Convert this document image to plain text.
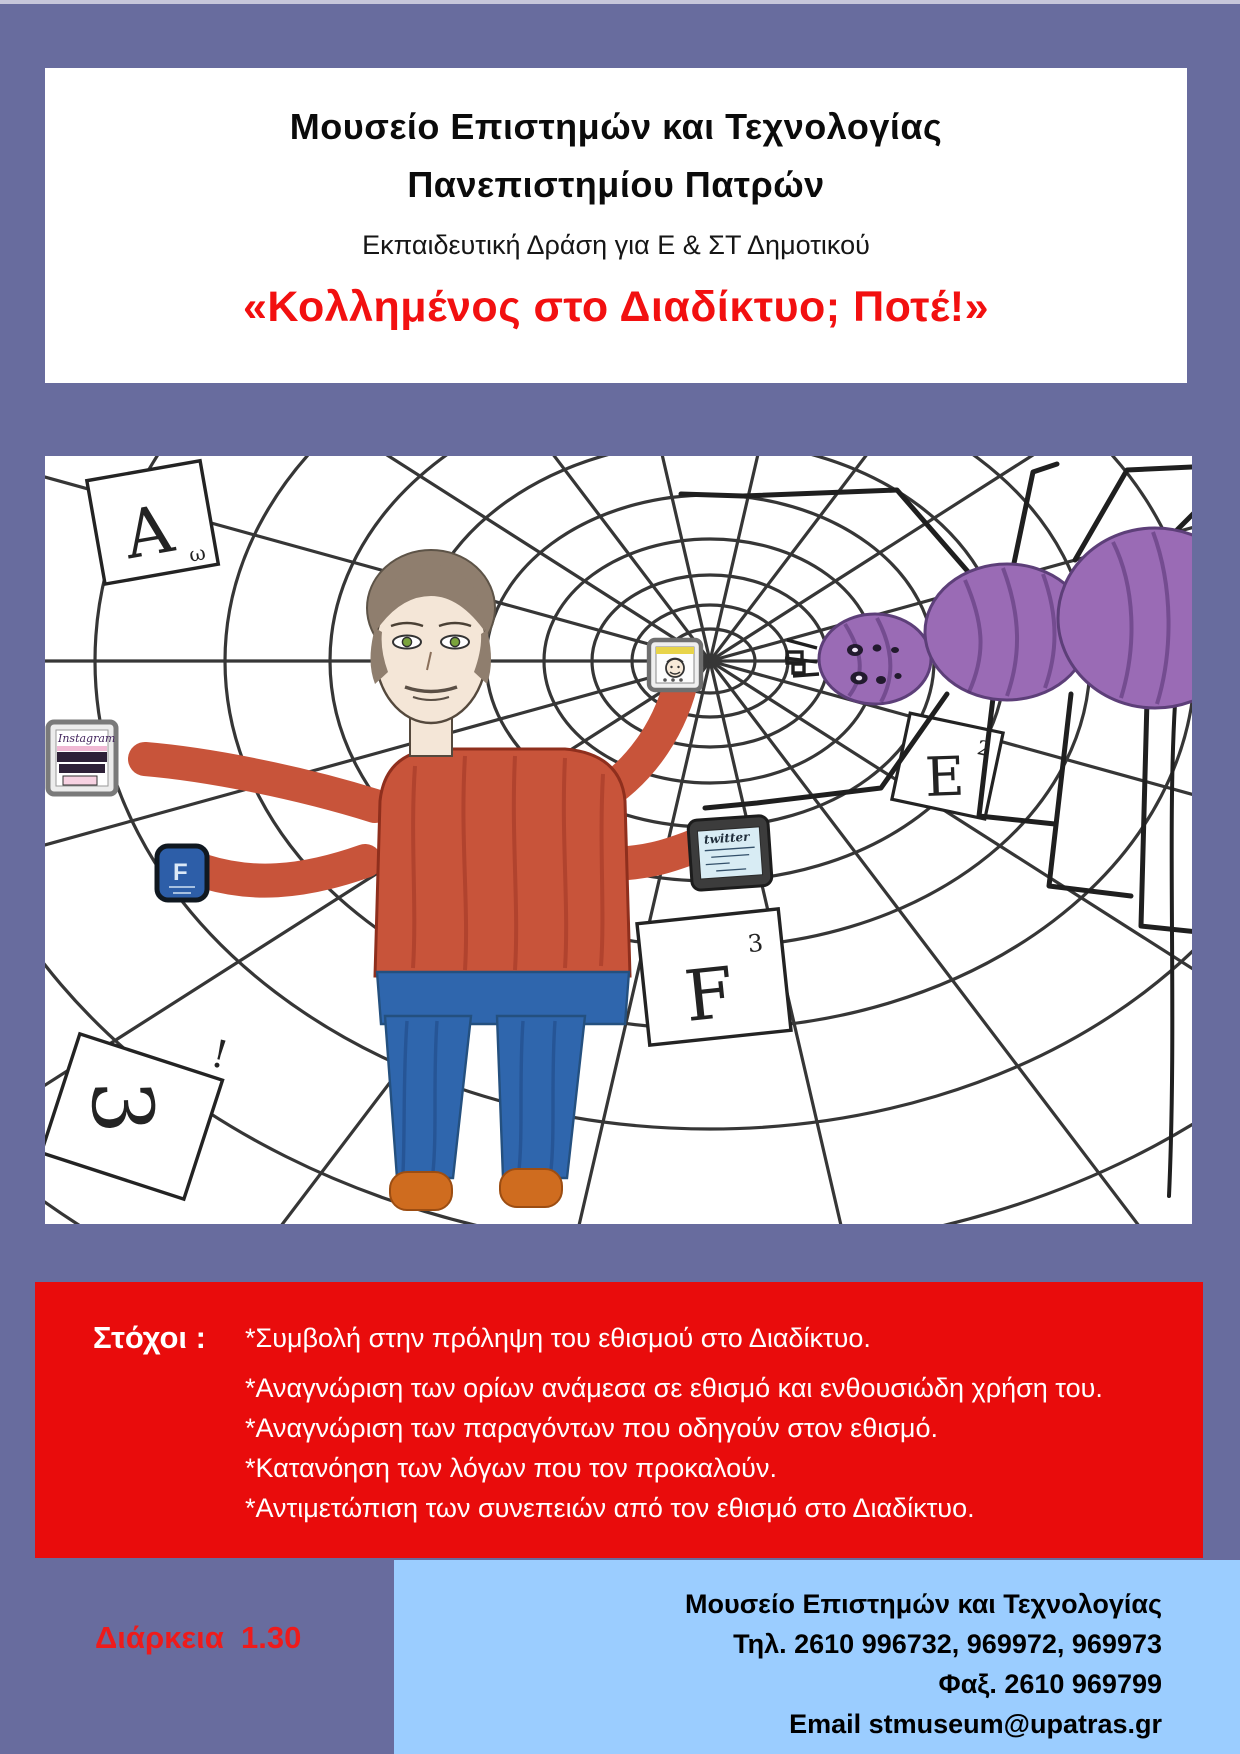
Μουσείο Επιστημών και Τεχνολογίας
Πανεπιστημίου Πατρών
Εκπαιδευτική Δράση για Ε & ΣΤ Δημοτικού
«Κολλημένος στο Διαδίκτυο; Ποτέ!»
A ω
E 2
F
3
3
!
Instagram
F
twitter
Στόχοι :	*Συμβολή στην πρόληψη του εθισμού στο Διαδίκτυο.
*Αναγνώριση των ορίων ανάμεσα σε εθισμό και ενθουσιώδη χρήση του.
*Αναγνώριση των παραγόντων που οδηγούν στον εθισμό.
*Κατανόηση των λόγων που τον προκαλούν.
*Αντιμετώπιση των συνεπειών από τον εθισμό στο Διαδίκτυο.
Διάρκεια  1.30
Μουσείο Επιστημών και Τεχνολογίας
Τηλ. 2610 996732, 969972, 969973
Φαξ. 2610 969799
Email stmuseum@upatras.gr
